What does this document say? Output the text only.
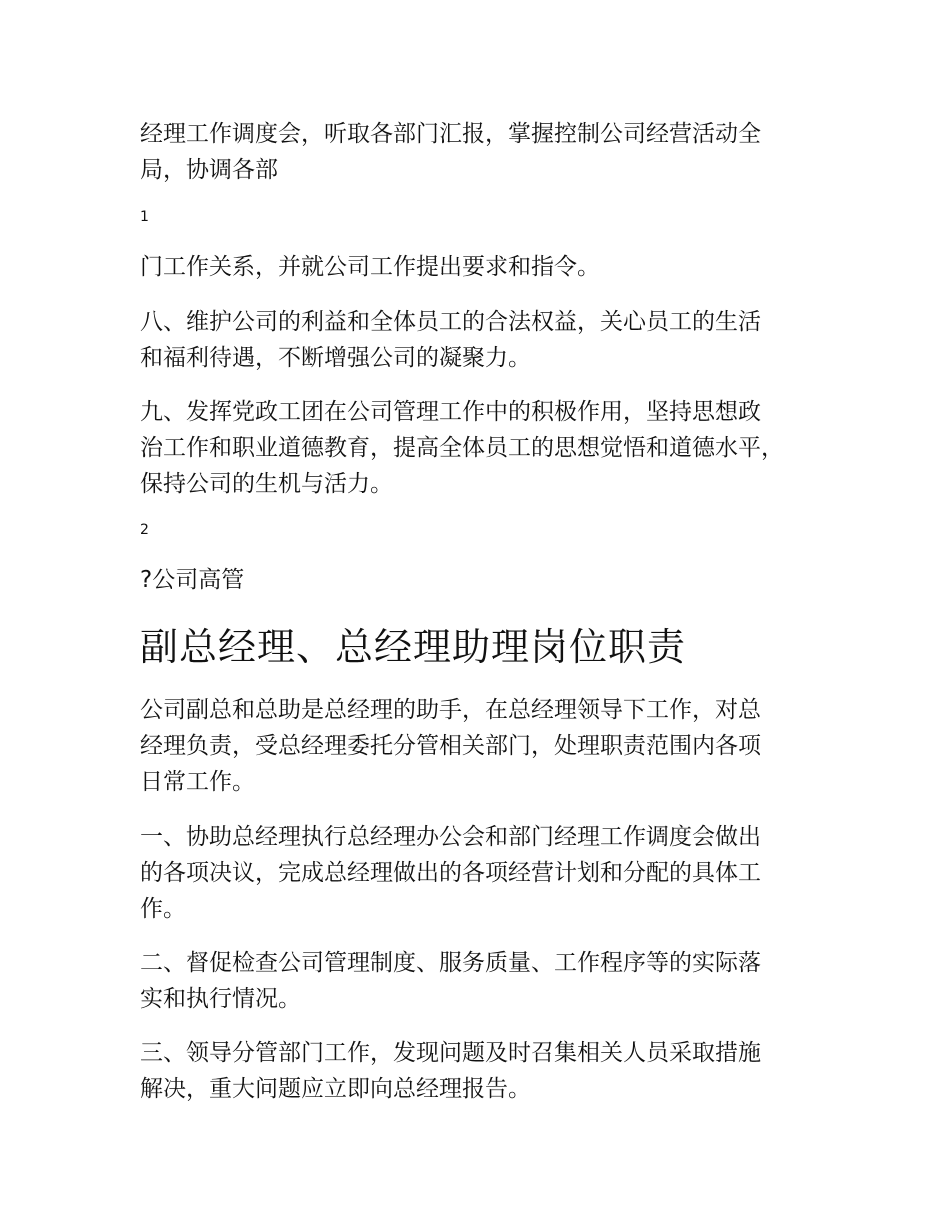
经理工作调度会，听取各部门汇报，掌握控制公司经营活动全
局，协调各部

1

门工作关系，并就公司工作提出要求和指令。

八、维护公司的利益和全体员工的合法权益，关心员工的生活
和福利待遇，不断增强公司的凝聚力。

九、发挥党政工团在公司管理工作中的积极作用，坚持思想政
治工作和职业道德教育，提高全体员工的思想觉悟和道德水平，
保持公司的生机与活力。

2

?公司高管

副总经理、总经理助理岗位职责

公司副总和总助是总经理的助手，在总经理领导下工作，对总
经理负责，受总经理委托分管相关部门，处理职责范围内各项
日常工作。

一、协助总经理执行总经理办公会和部门经理工作调度会做出
的各项决议，完成总经理做出的各项经营计划和分配的具体工
作。

二、督促检查公司管理制度、服务质量、工作程序等的实际落
实和执行情况。

三、领导分管部门工作，发现问题及时召集相关人员采取措施
解决，重大问题应立即向总经理报告。
